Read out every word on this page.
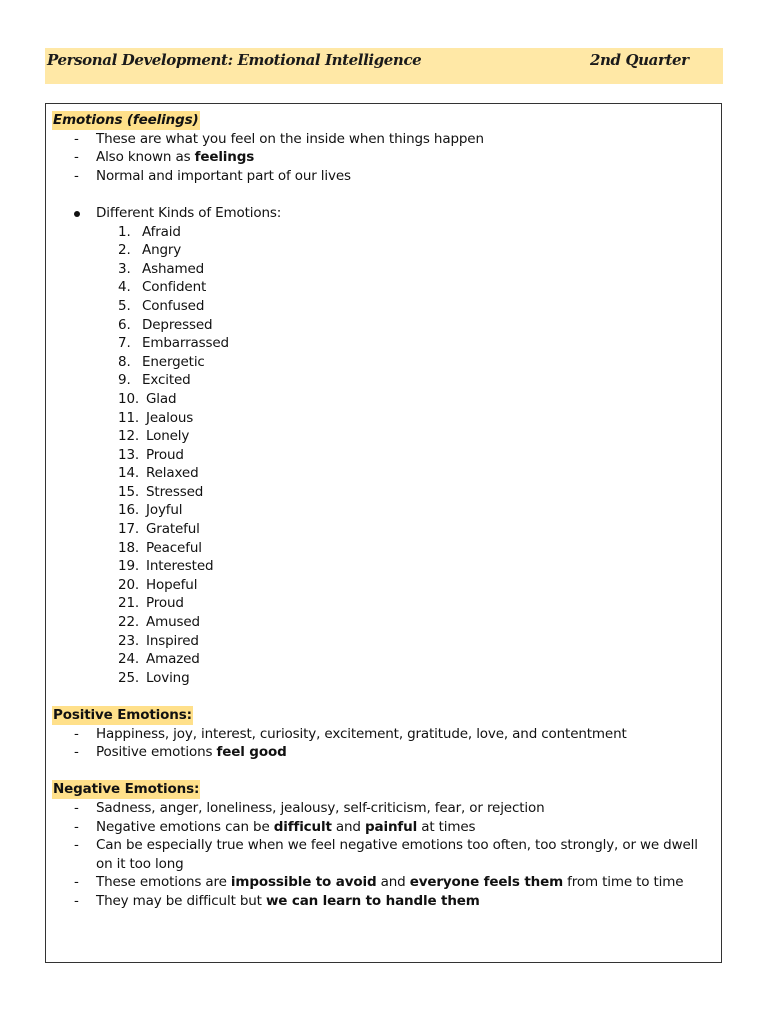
Personal Development: Emotional Intelligence	2nd Quarter
Emotions (feelings)
- These are what you feel on the inside when things happen
- Also known as feelings
- Normal and important part of our lives
Different Kinds of Emotions:
1. Afraid
2. Angry
3. Ashamed
4. Confident
5. Confused
6. Depressed
7. Embarrassed
8. Energetic
9. Excited
10. Glad
11. Jealous
12. Lonely
13. Proud
14. Relaxed
15. Stressed
16. Joyful
17. Grateful
18. Peaceful
19. Interested
20. Hopeful
21. Proud
22. Amused
23. Inspired
24. Amazed
25. Loving
Positive Emotions:
- Happiness, joy, interest, curiosity, excitement, gratitude, love, and contentment
- Positive emotions feel good
Negative Emotions:
- Sadness, anger, loneliness, jealousy, self-criticism, fear, or rejection
- Negative emotions can be difficult and painful at times
- Can be especially true when we feel negative emotions too often, too strongly, or we dwell
on it too long
- These emotions are impossible to avoid and everyone feels them from time to time
- They may be difficult but we can learn to handle them
